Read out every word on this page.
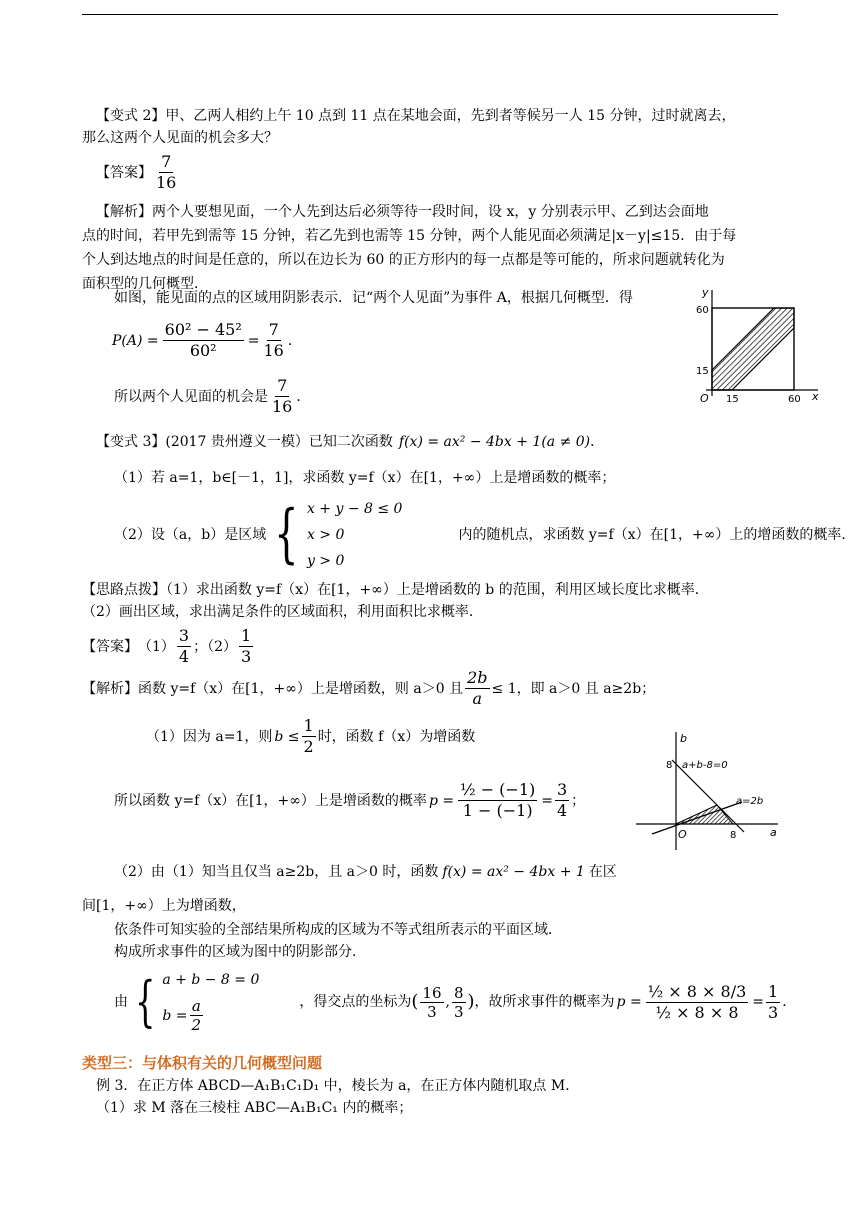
【变式 2】甲、乙两人相约上午 10 点到 11 点在某地会面，先到者等候另一人 15 分钟，过时就离去，
那么这两个人见面的机会多大？
【答案】 $\frac{7}{16}$
【解析】两个人要想见面，一个人先到达后必须等待一段时间，设 x，y 分别表示甲、乙到达会面地
点的时间，若甲先到需等 15 分钟，若乙先到也需等 15 分钟，两个人能见面必须满足|x－y|≤15．由于每
个人到达地点的时间是任意的，所以在边长为 60 的正方形内的每一点都是等可能的，所求问题就转化为
面积型的几何概型．
如图，能见面的点的区域用阴影表示．记“两个人见面”为事件 A，根据几何概型．得
$P(A) = \frac{\text{60² − 45²}}{\text{60²}} = \frac{7}{16}$ ．
所以两个人见面的机会是 $\frac{7}{16}$ ．
y
x
O
60
15
15	60
【变式 3】 (2017 贵州遵义一模）已知二次函数 f(x) = ax² − 4bx + 1(a ≠ 0) ．
（1）若 a=1，b∈[－1，1]，求函数 y=f（x）在[1，+∞）上是增函数的概率；
（2）设（a，b）是区域 { x + y − 8 ≤ 0
x > 0
y > 0
内的随机点，求函数 y=f（x）在[1，+∞）上的增函数的概率．
【思路点拨】（1）求出函数 y=f（x）在[1，+∞）上是增函数的 b 的范围，利用区域长度比求概率．
（2）画出区域，求出满足条件的区域面积，利用面积比求概率．
【答案】 $(1) \frac{3}{4}$ ；$(2) \frac{1}{3}$
【解析】 函数 y=f（x）在[1，+∞）上是增函数，则 a＞0 且 $\frac{2b}{a} \le 1$，即 a＞0 且 a≥2b；
（1）因为 a=1，则 $b \le \frac{1}{2}$ 时，函数 f（x）为增函数
所以函数 y=f（x）在[1，+∞）上是增函数的概率 $p = \frac{\text{½ − (−1)}}{1 - (-1)} = \frac{3}{4}$ ；
b
a
O
8
8
a+b-8=0
a=2b
（2）由（1）知当且仅当 a≥2b，且 a＞0 时，函数 f(x) = ax² − 4bx + 1 在区
间[1，+∞）上为增函数，
依条件可知实验的全部结果所构成的区域为不等式组所表示的平面区域．
构成所求事件的区域为图中的阴影部分．
由 { a + b − 8 = 0
$b = \frac{a}{2}$	，得交点的坐标为 ( $\frac{16}{3}$ , $\frac{8}{3}$ ) ，故所求事件的概率为 $p = \frac{\text{½ × 8 × 8/3}}{\text{½ × 8 × 8}} = \frac{1}{3}$ ．
类型三：与体积有关的几何概型问题
例 3．在正方体 ABCD—A₁B₁C₁D₁ 中，棱长为 a，在正方体内随机取点 M．
（1）求 M 落在三棱柱 ABC—A₁B₁C₁ 内的概率；
